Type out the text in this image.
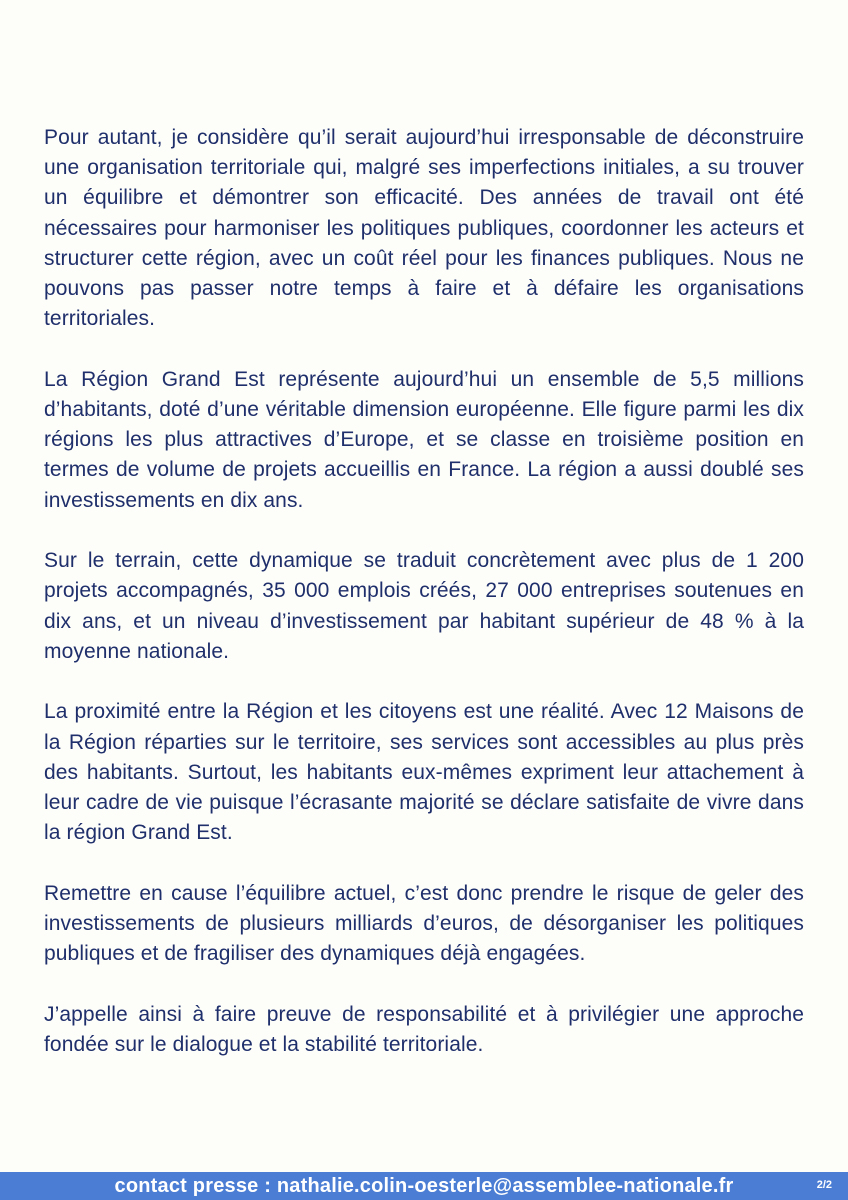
Pour autant, je considère qu’il serait aujourd’hui irresponsable de déconstruire une organisation territoriale qui, malgré ses imperfections initiales, a su trouver un équilibre et démontrer son efficacité. Des années de travail ont été nécessaires pour harmoniser les politiques publiques, coordonner les acteurs et structurer cette région, avec un coût réel pour les finances publiques. Nous ne pouvons pas passer notre temps à faire et à défaire les organisations territoriales.

La Région Grand Est représente aujourd’hui un ensemble de 5,5 millions d’habitants, doté d’une véritable dimension européenne. Elle figure parmi les dix régions les plus attractives d’Europe, et se classe en troisième position en termes de volume de projets accueillis en France. La région a aussi doublé ses investissements en dix ans.

Sur le terrain, cette dynamique se traduit concrètement avec plus de 1 200 projets accompagnés, 35 000 emplois créés, 27 000 entreprises soutenues en dix ans, et un niveau d’investissement par habitant supérieur de 48 % à la moyenne nationale.

La proximité entre la Région et les citoyens est une réalité. Avec 12 Maisons de la Région réparties sur le territoire, ses services sont accessibles au plus près des habitants. Surtout, les habitants eux-mêmes expriment leur attachement à leur cadre de vie puisque l’écrasante majorité se déclare satisfaite de vivre dans la région Grand Est.

Remettre en cause l’équilibre actuel, c’est donc prendre le risque de geler des investissements de plusieurs milliards d’euros, de désorganiser les politiques publiques et de fragiliser des dynamiques déjà engagées.

J’appelle ainsi à faire preuve de responsabilité et à privilégier une approche fondée sur le dialogue et la stabilité territoriale.

contact presse : nathalie.colin-oesterle@assemblee-nationale.fr	2/2
